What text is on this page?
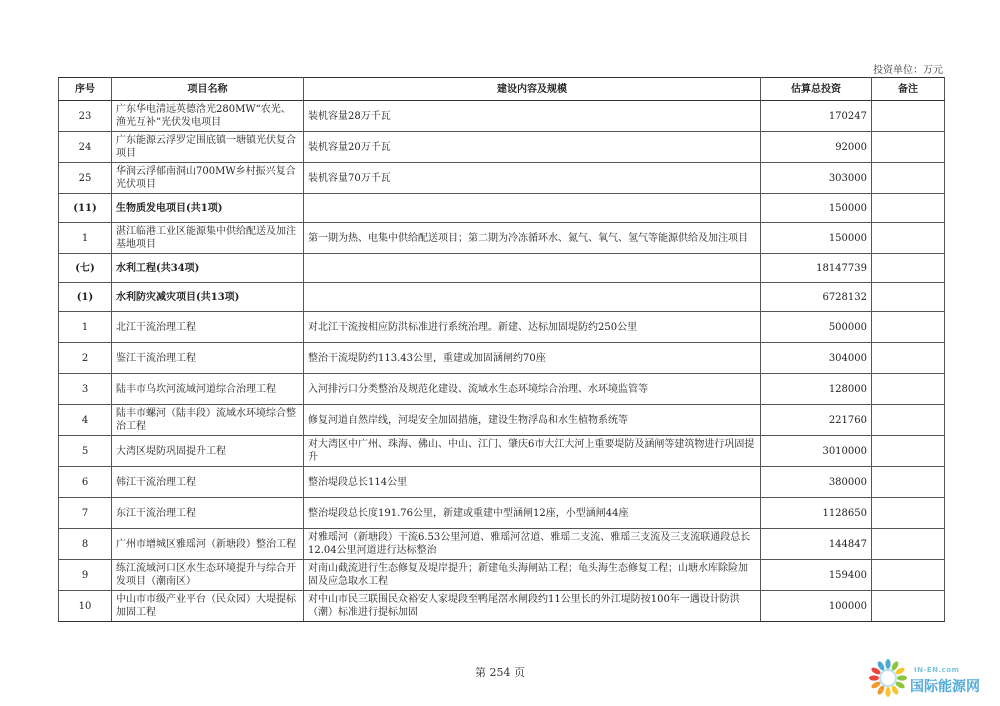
投资单位：万元
序号	项目名称	建设内容及规模	估算总投资	备注
23	广东华电清远英德浛光280MW“农光、渔光互补”光伏发电项目	装机容量28万千瓦	170247	
24	广东能源云浮罗定围底镇一塘镇光伏复合项目	装机容量20万千瓦	92000	
25	华润云浮郁南洞山700MW乡村振兴复合光伏项目	装机容量70万千瓦	303000	
(11)	生物质发电项目(共1项)		150000	
1	湛江临港工业区能源集中供给配送及加注基地项目	第一期为热、电集中供给配送项目；第二期为冷冻循环水、氮气、氧气、氢气等能源供给及加注项目	150000	
(七)	水利工程(共34项)		18147739	
(1)	水利防灾减灾项目(共13项)		6728132	
1	北江干流治理工程	对北江干流按相应防洪标准进行系统治理。新建、达标加固堤防约250公里	500000	
2	鉴江干流治理工程	整治干流堤防约113.43公里，重建或加固涵闸约70座	304000	
3	陆丰市乌坎河流域河道综合治理工程	入河排污口分类整治及规范化建设、流域水生态环境综合治理、水环境监管等	128000	
4	陆丰市螺河（陆丰段）流域水环境综合整治工程	修复河道自然岸线，河堤安全加固措施，建设生物浮岛和水生植物系统等	221760	
5	大湾区堤防巩固提升工程	对大湾区中广州、珠海、佛山、中山、江门、肇庆6市大江大河上重要堤防及涵闸等建筑物进行巩固提升	3010000	
6	韩江干流治理工程	整治堤段总长114公里	380000	
7	东江干流治理工程	整治堤段总长度191.76公里，新建或重建中型涵闸12座，小型涵闸44座	1128650	
8	广州市增城区雅瑶河（新塘段）整治工程	对雅瑶河（新塘段）干流6.53公里河道、雅瑶河岔道、雅瑶二支流、雅瑶三支流及三支流联通段总长12.04公里河道进行达标整治	144847	
9	练江流域河口区水生态环境提升与综合开发项目（潮南区）	对南山截流进行生态修复及堤岸提升；新建龟头海闸站工程；龟头海生态修复工程；山塘水库除险加固及应急取水工程	159400	
10	中山市市级产业平台（民众园）大堤提标加固工程	对中山市民三联围民众裕安人家堤段至鸭尾滘水闸段约11公里长的外江堤防按100年一遇设计防洪（潮）标准进行提标加固	100000	
第 254 页	IN-EN.com
国际能源网
